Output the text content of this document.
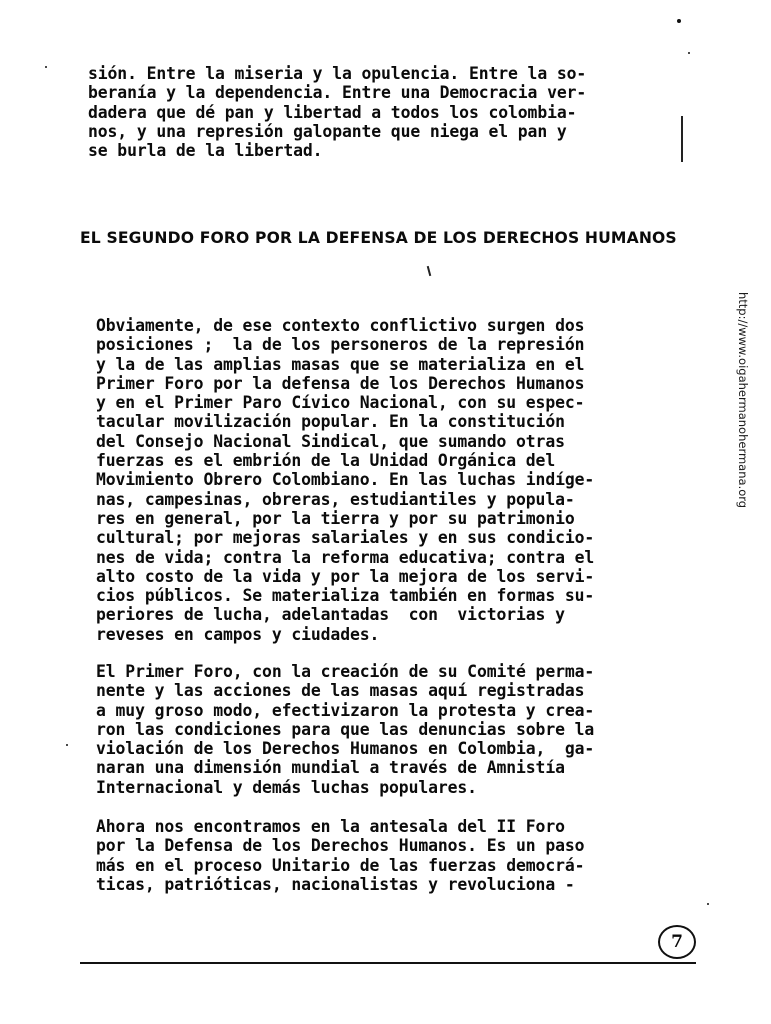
sión. Entre la miseria y la opulencia. Entre la so-
beranía y la dependencia. Entre una Democracia ver-
dadera que dé pan y libertad a todos los colombia-
nos, y una represión galopante que niega el pan y
se burla de la libertad.
EL SEGUNDO FORO POR LA DEFENSA DE LOS DERECHOS HUMANOS
Obviamente, de ese contexto conflictivo surgen dos
posiciones ;  la de los personeros de la represión
y la de las amplias masas que se materializa en el
Primer Foro por la defensa de los Derechos Humanos
y en el Primer Paro Cívico Nacional, con su espec-
tacular movilización popular. En la constitución
del Consejo Nacional Sindical, que sumando otras
fuerzas es el embrión de la Unidad Orgánica del
Movimiento Obrero Colombiano. En las luchas indíge-
nas, campesinas, obreras, estudiantiles y popula-
res en general, por la tierra y por su patrimonio
cultural; por mejoras salariales y en sus condicio-
nes de vida; contra la reforma educativa; contra el
alto costo de la vida y por la mejora de los servi-
cios públicos. Se materializa también en formas su-
periores de lucha, adelantadas  con  victorias y
reveses en campos y ciudades.
El Primer Foro, con la creación de su Comité perma-
nente y las acciones de las masas aquí registradas
a muy groso modo, efectivizaron la protesta y crea-
ron las condiciones para que las denuncias sobre la
violación de los Derechos Humanos en Colombia,  ga-
naran una dimensión mundial a través de Amnistía
Internacional y demás luchas populares.
Ahora nos encontramos en la antesala del II Foro
por la Defensa de los Derechos Humanos. Es un paso
más en el proceso Unitario de las fuerzas democrá-
ticas, patrióticas, nacionalistas y revoluciona -
http://www.oigahermanohermana.org
7
